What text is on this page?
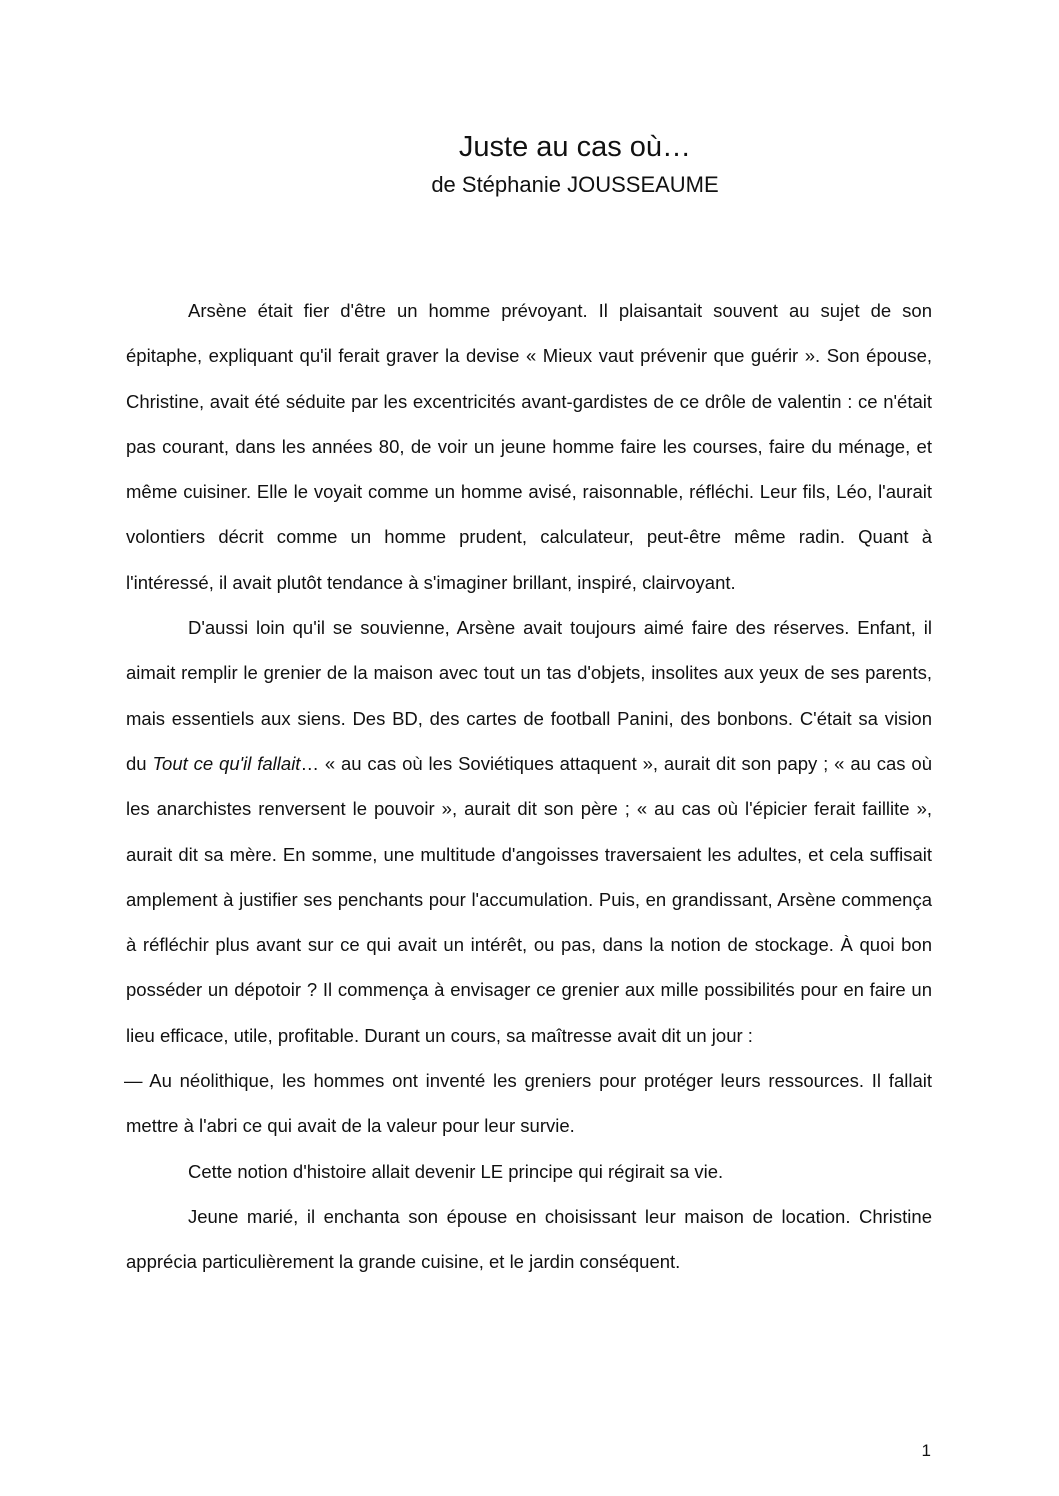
Juste au cas où…
de Stéphanie JOUSSEAUME

Arsène était fier d'être un homme prévoyant. Il plaisantait souvent au sujet de son épitaphe, expliquant qu'il ferait graver la devise « Mieux vaut prévenir que guérir ». Son épouse, Christine, avait été séduite par les excentricités avant-gardistes de ce drôle de valentin : ce n'était pas courant, dans les années 80, de voir un jeune homme faire les courses, faire du ménage, et même cuisiner. Elle le voyait comme un homme avisé, raisonnable, réfléchi. Leur fils, Léo, l'aurait volontiers décrit comme un homme prudent, calculateur, peut-être même radin. Quant à l'intéressé, il avait plutôt tendance à s'imaginer brillant, inspiré, clairvoyant.

D'aussi loin qu'il se souvienne, Arsène avait toujours aimé faire des réserves. Enfant, il aimait remplir le grenier de la maison avec tout un tas d'objets, insolites aux yeux de ses parents, mais essentiels aux siens. Des BD, des cartes de football Panini, des bonbons. C'était sa vision du Tout ce qu'il fallait… « au cas où les Soviétiques attaquent », aurait dit son papy ; « au cas où les anarchistes renversent le pouvoir », aurait dit son père ; « au cas où l'épicier ferait faillite », aurait dit sa mère. En somme, une multitude d'angoisses traversaient les adultes, et cela suffisait amplement à justifier ses penchants pour l'accumulation. Puis, en grandissant, Arsène commença à réfléchir plus avant sur ce qui avait un intérêt, ou pas, dans la notion de stockage. À quoi bon posséder un dépotoir ? Il commença à envisager ce grenier aux mille possibilités pour en faire un lieu efficace, utile, profitable. Durant un cours, sa maîtresse avait dit un jour :

— Au néolithique, les hommes ont inventé les greniers pour protéger leurs ressources. Il fallait mettre à l'abri ce qui avait de la valeur pour leur survie.

Cette notion d'histoire allait devenir LE principe qui régirait sa vie.

Jeune marié, il enchanta son épouse en choisissant leur maison de location. Christine apprécia particulièrement la grande cuisine, et le jardin conséquent.

1
